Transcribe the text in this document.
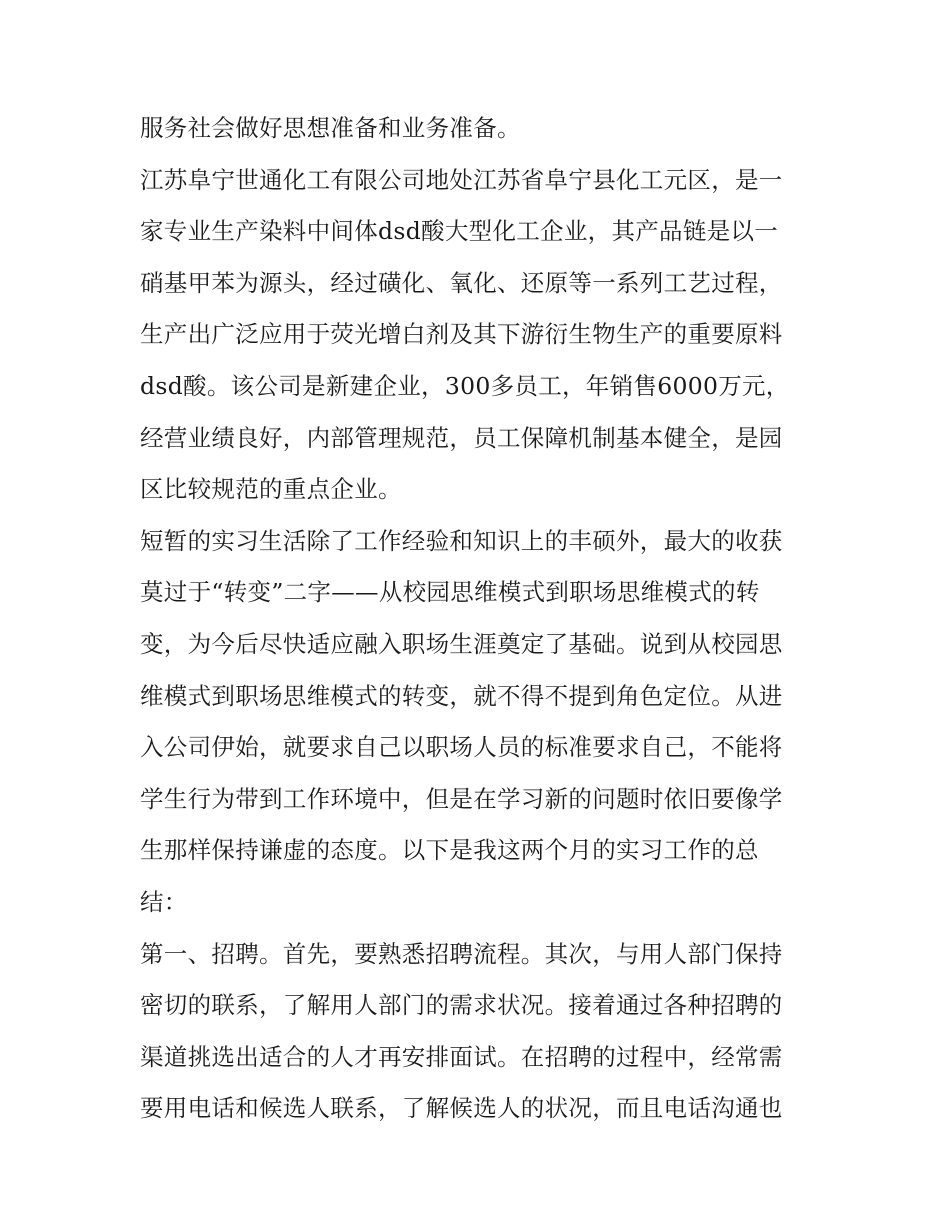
服务社会做好思想准备和业务准备。
江苏阜宁世通化工有限公司地处江苏省阜宁县化工元区，是一
家专业生产染料中间体dsd酸大型化工企业，其产品链是以一
硝基甲苯为源头，经过磺化、氧化、还原等一系列工艺过程，
生产出广泛应用于荧光增白剂及其下游衍生物生产的重要原料
dsd酸。该公司是新建企业，300多员工，年销售6000万元，
经营业绩良好，内部管理规范，员工保障机制基本健全，是园
区比较规范的重点企业。
短暂的实习生活除了工作经验和知识上的丰硕外，最大的收获
莫过于“转变”二字——从校园思维模式到职场思维模式的转
变，为今后尽快适应融入职场生涯奠定了基础。说到从校园思
维模式到职场思维模式的转变，就不得不提到角色定位。从进
入公司伊始，就要求自己以职场人员的标准要求自己，不能将
学生行为带到工作环境中，但是在学习新的问题时依旧要像学
生那样保持谦虚的态度。以下是我这两个月的实习工作的总
结：
第一、招聘。首先，要熟悉招聘流程。其次，与用人部门保持
密切的联系，了解用人部门的需求状况。接着通过各种招聘的
渠道挑选出适合的人才再安排面试。在招聘的过程中，经常需
要用电话和候选人联系，了解候选人的状况，而且电话沟通也
